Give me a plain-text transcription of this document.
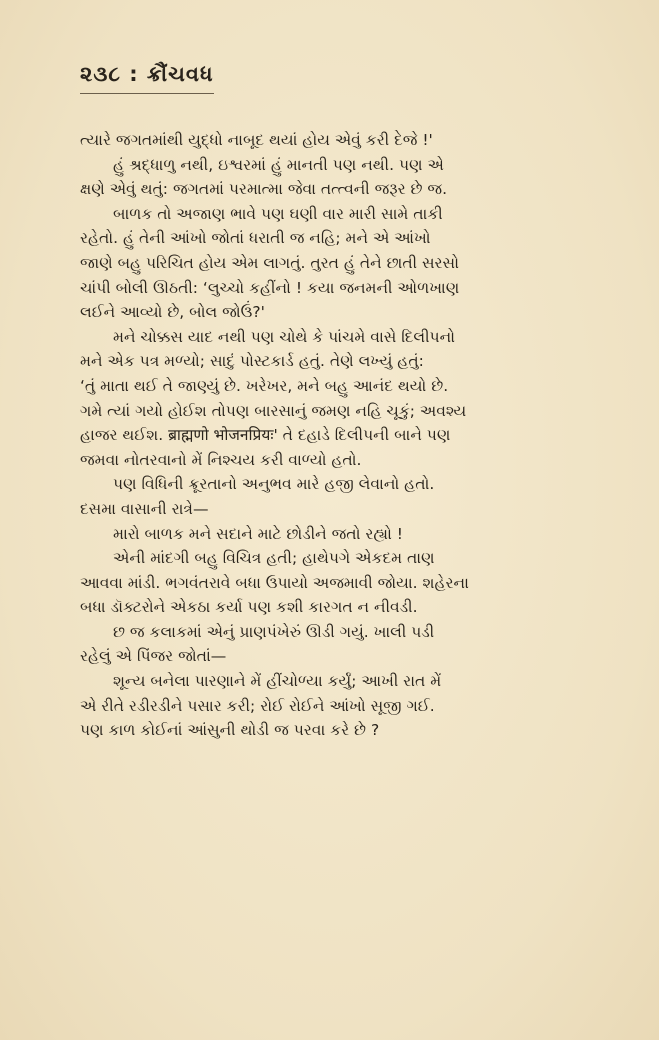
૨૩૮ : ક્રૌંચવધ
ત્યારે જગતમાંથી યુદ્ધો નાબૂદ થયાં હોય એવું કરી દેજે !'
હું શ્રદ્ધાળુ નથી, ઇશ્વરમાં હું માનતી પણ નથી. પણ એ
ક્ષણે એવું થતું: જગતમાં પરમાત્મા જેવા તત્ત્વની જરૂર છે જ.
બાળક તો અજાણ ભાવે પણ ઘણી વાર મારી સામે તાકી
રહેતો. હું તેની આંખો જોતાં ધરાતી જ નહિ; મને એ આંખો
જાણે બહુ પરિચિત હોય એમ લાગતું. તુરત હું તેને છાતી સરસો
ચાંપી બોલી ઊઠતી: ‘લુચ્ચો કહીંનો ! કયા જનમની ઓળખાણ
લઈને આવ્યો છે, બોલ જોઉં?'
મને ચોક્કસ યાદ નથી પણ ચોથે કે પાંચમે વાસે દિલીપનો
મને એક પત્ર મળ્યો; સાદું પોસ્ટકાર્ડ હતું. તેણે લખ્યું હતું:
‘તું માતા થઈ તે જાણ્યું છે. ખરેખર, મને બહુ આનંદ થયો છે.
ગમે ત્યાં ગયો હોઈશ તોપણ બારસાનું જમણ નહિ ચૂકું; અવશ્ય
હાજર થઈશ. ब्राह्मणो भोजनप्रियः' તે દહાડે દિલીપની બાને પણ
જમવા નોતરવાનો મેં નિશ્ચય કરી વાળ્યો હતો.
પણ વિધિની ક્રૂરતાનો અનુભવ મારે હજી લેવાનો હતો.
દસમા વાસાની રાત્રે—
મારો બાળક મને સદાને માટે છોડીને જતો રહ્યો !
એની માંદગી બહુ વિચિત્ર હતી; હાથેપગે એકદમ તાણ
આવવા માંડી. ભગવંતરાવે બધા ઉપાયો અજમાવી જોયા. શહેરના
બધા ડૉક્ટરોને એકઠા કર્યા પણ કશી કારગત ન નીવડી.
છ જ કલાકમાં એનું પ્રાણપંખેરું ઊડી ગયું. ખાલી પડી
રહેલું એ પિંજર જોતાં—
શૂન્ય બનેલા પારણાને મેં હીંચોળ્યા કર્યું; આખી રાત મેં
એ રીતે રડીરડીને પસાર કરી; રોઈ રોઈને આંખો સૂજી ગઈ.
પણ કાળ કોઈનાં આંસુની થોડી જ પરવા કરે છે ?
